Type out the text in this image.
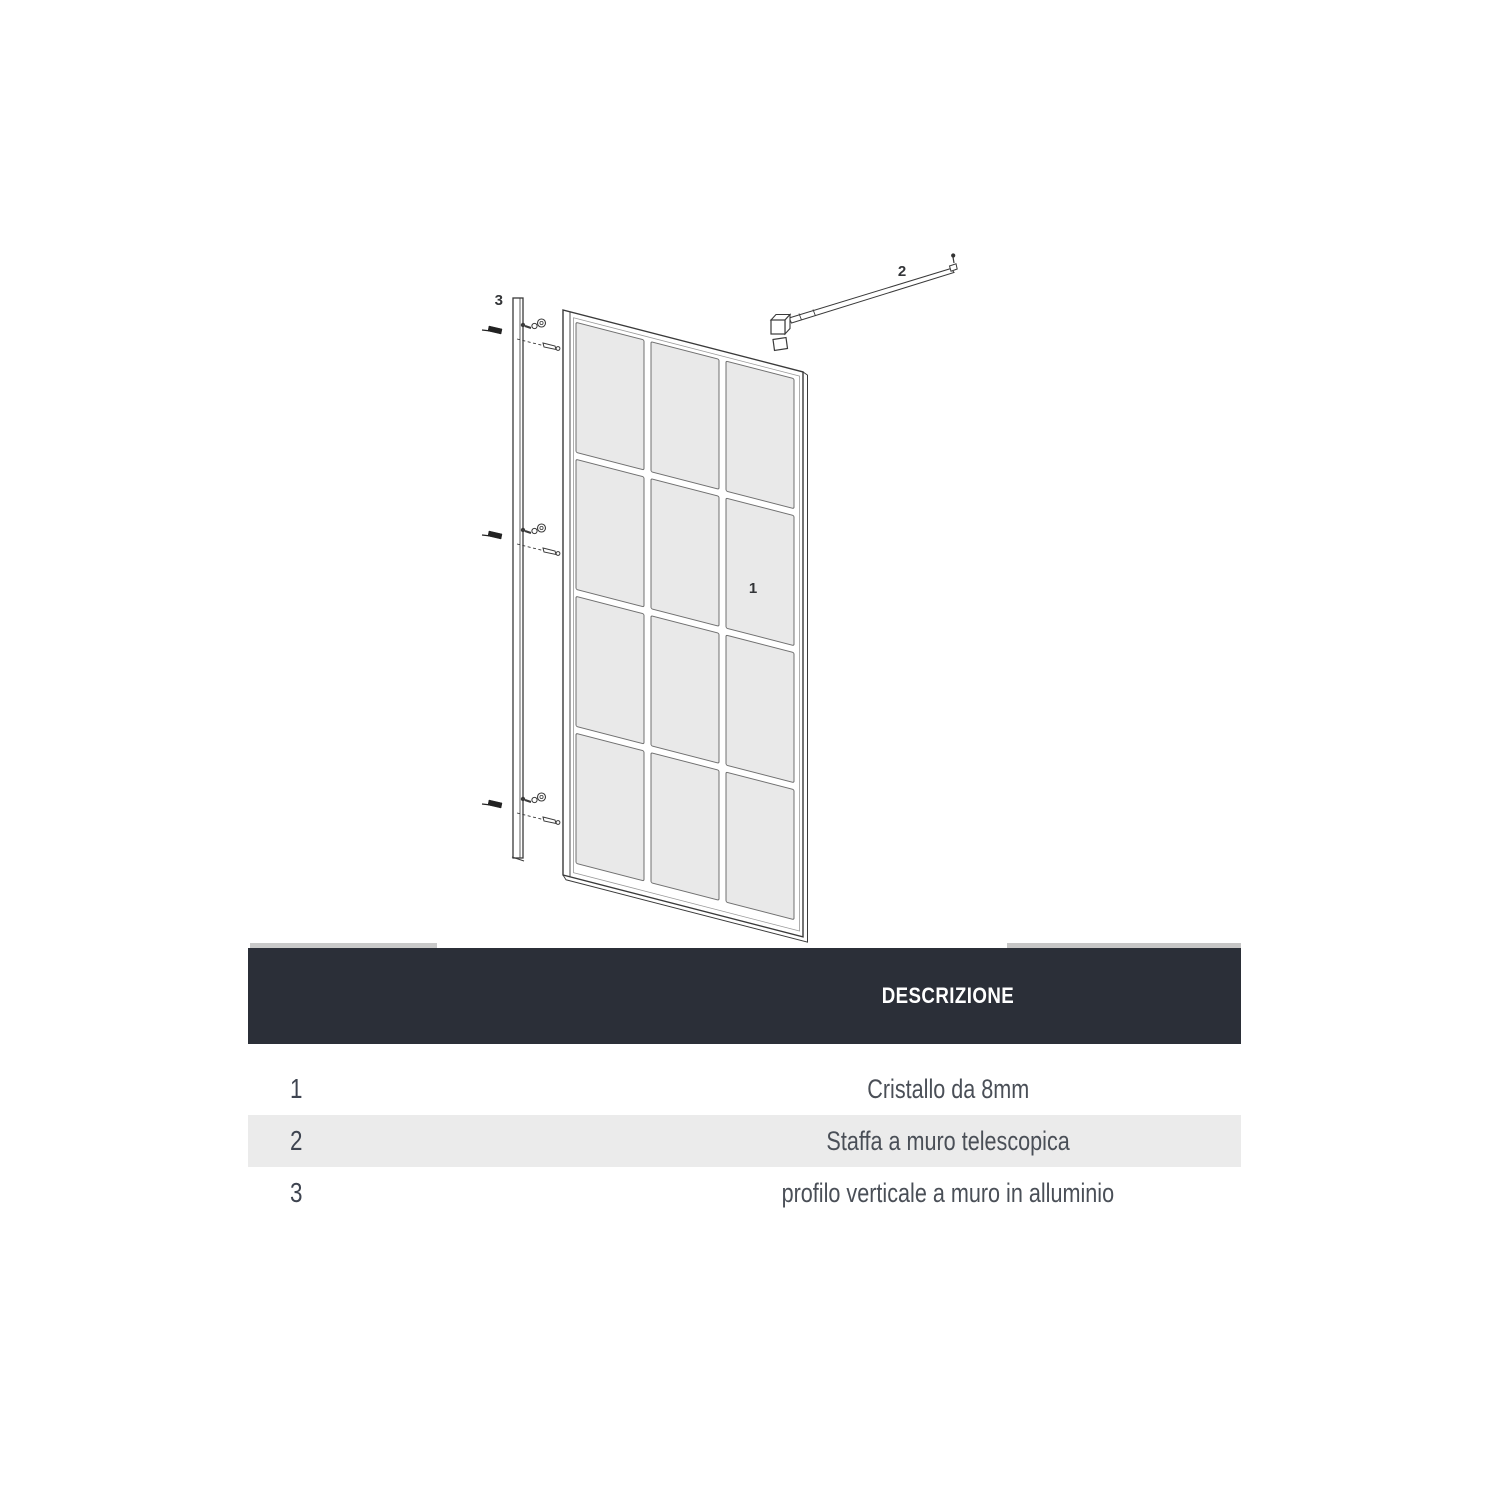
3
1
2
DESCRIZIONE
1	Cristallo da 8mm
2	Staffa a muro telescopica
3	profilo verticale a muro in alluminio
